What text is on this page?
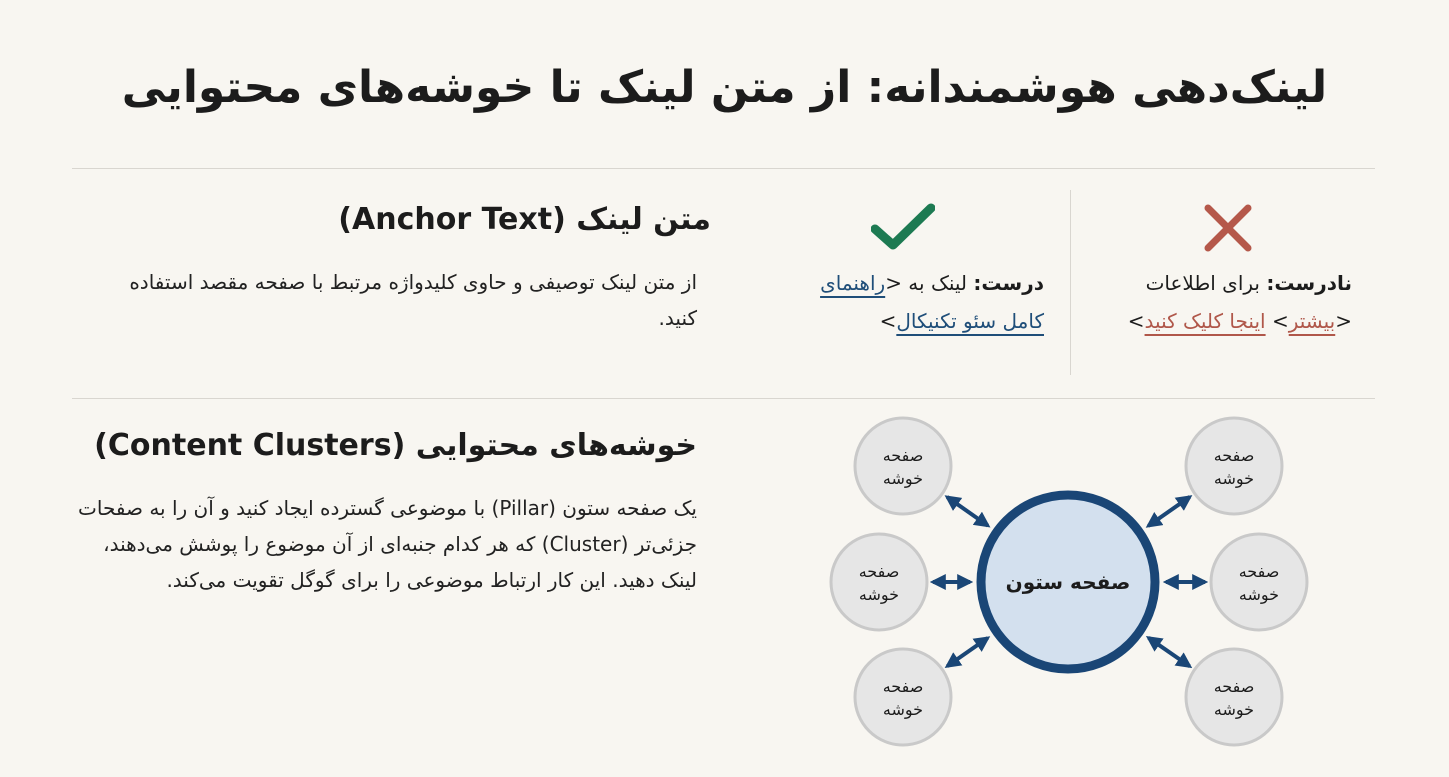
لینک‌دهی هوشمندانه: از متن لینک تا خوشه‌های محتوایی
متن لینک (Anchor Text)

از متن لینک توصیفی و حاوی کلیدواژه مرتبط با صفحه مقصد استفاده کنید.

درست: لینک به <راهنمای کامل سئو تکنیکال>
نادرست: برای اطلاعات <بیشتر> اینجا کلیک کنید>
خوشه‌های محتوایی (Content Clusters)

یک صفحه ستون (Pillar) با موضوعی گسترده ایجاد کنید و آن را به صفحات جزئی‌تر (Cluster) که هر کدام جنبه‌ای از آن موضوع را پوشش می‌دهند، لینک دهید. این کار ارتباط موضوعی را برای گوگل تقویت می‌کند.

صفحه
خوشه
صفحه
خوشه
صفحه
خوشه
صفحه
خوشه
صفحه
خوشه
صفحه
خوشه
صفحه ستون
